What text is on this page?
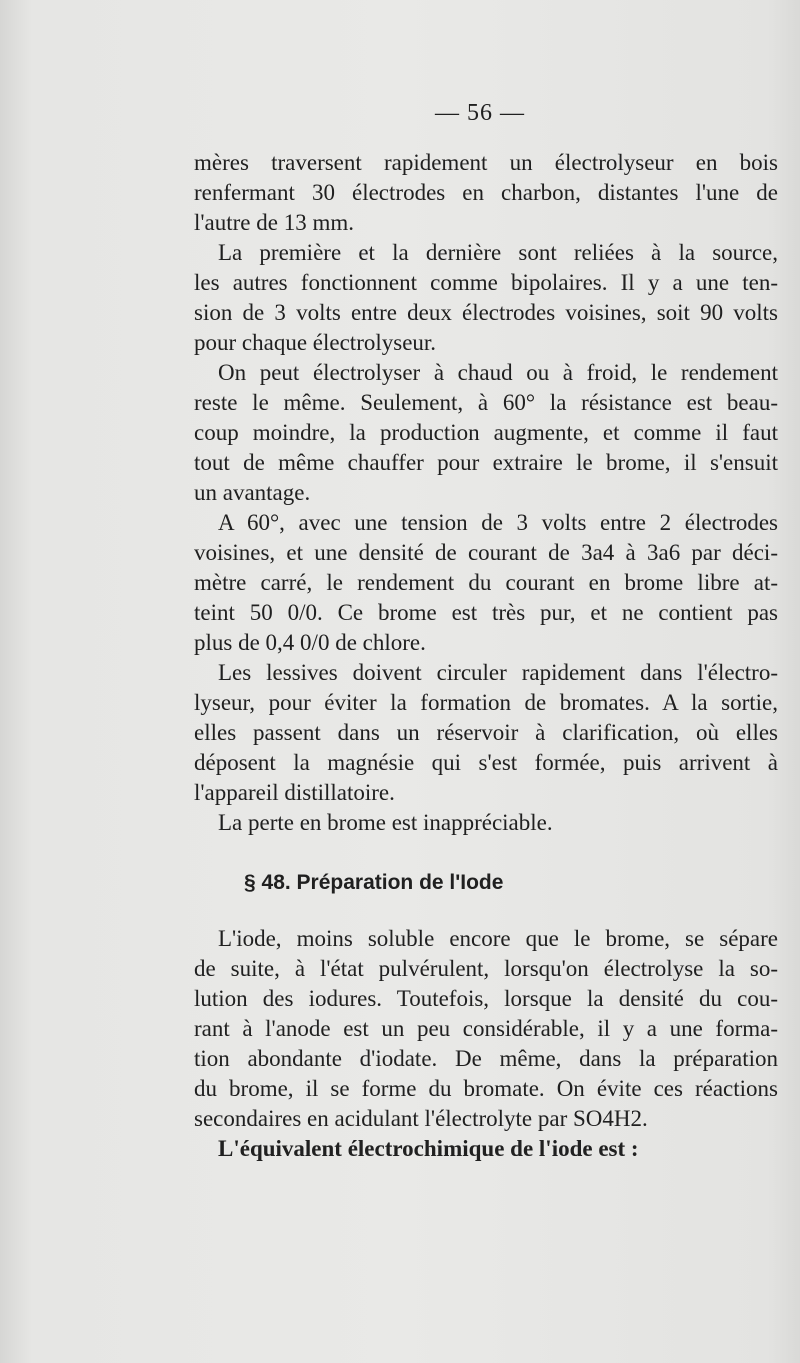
— 56 —
mères traversent rapidement un électrolyseur en bois
renfermant 30 électrodes en charbon, distantes l'une de
l'autre de 13 mm.
La première et la dernière sont reliées à la source,
les autres fonctionnent comme bipolaires. Il y a une ten-
sion de 3 volts entre deux électrodes voisines, soit 90 volts
pour chaque électrolyseur.
On peut électrolyser à chaud ou à froid, le rendement
reste le même. Seulement, à 60° la résistance est beau-
coup moindre, la production augmente, et comme il faut
tout de même chauffer pour extraire le brome, il s'ensuit
un avantage.
A 60°, avec une tension de 3 volts entre 2 électrodes
voisines, et une densité de courant de 3a4 à 3a6 par déci-
mètre carré, le rendement du courant en brome libre at-
teint 50 0/0. Ce brome est très pur, et ne contient pas
plus de 0,4 0/0 de chlore.
Les lessives doivent circuler rapidement dans l'électro-
lyseur, pour éviter la formation de bromates. A la sortie,
elles passent dans un réservoir à clarification, où elles
déposent la magnésie qui s'est formée, puis arrivent à
l'appareil distillatoire.
La perte en brome est inappréciable.
§ 48. Préparation de l'Iode
L'iode, moins soluble encore que le brome, se sépare
de suite, à l'état pulvérulent, lorsqu'on électrolyse la so-
lution des iodures. Toutefois, lorsque la densité du cou-
rant à l'anode est un peu considérable, il y a une forma-
tion abondante d'iodate. De même, dans la préparation
du brome, il se forme du bromate. On évite ces réactions
secondaires en acidulant l'électrolyte par SO4H2.
L'équivalent électrochimique de l'iode est :
